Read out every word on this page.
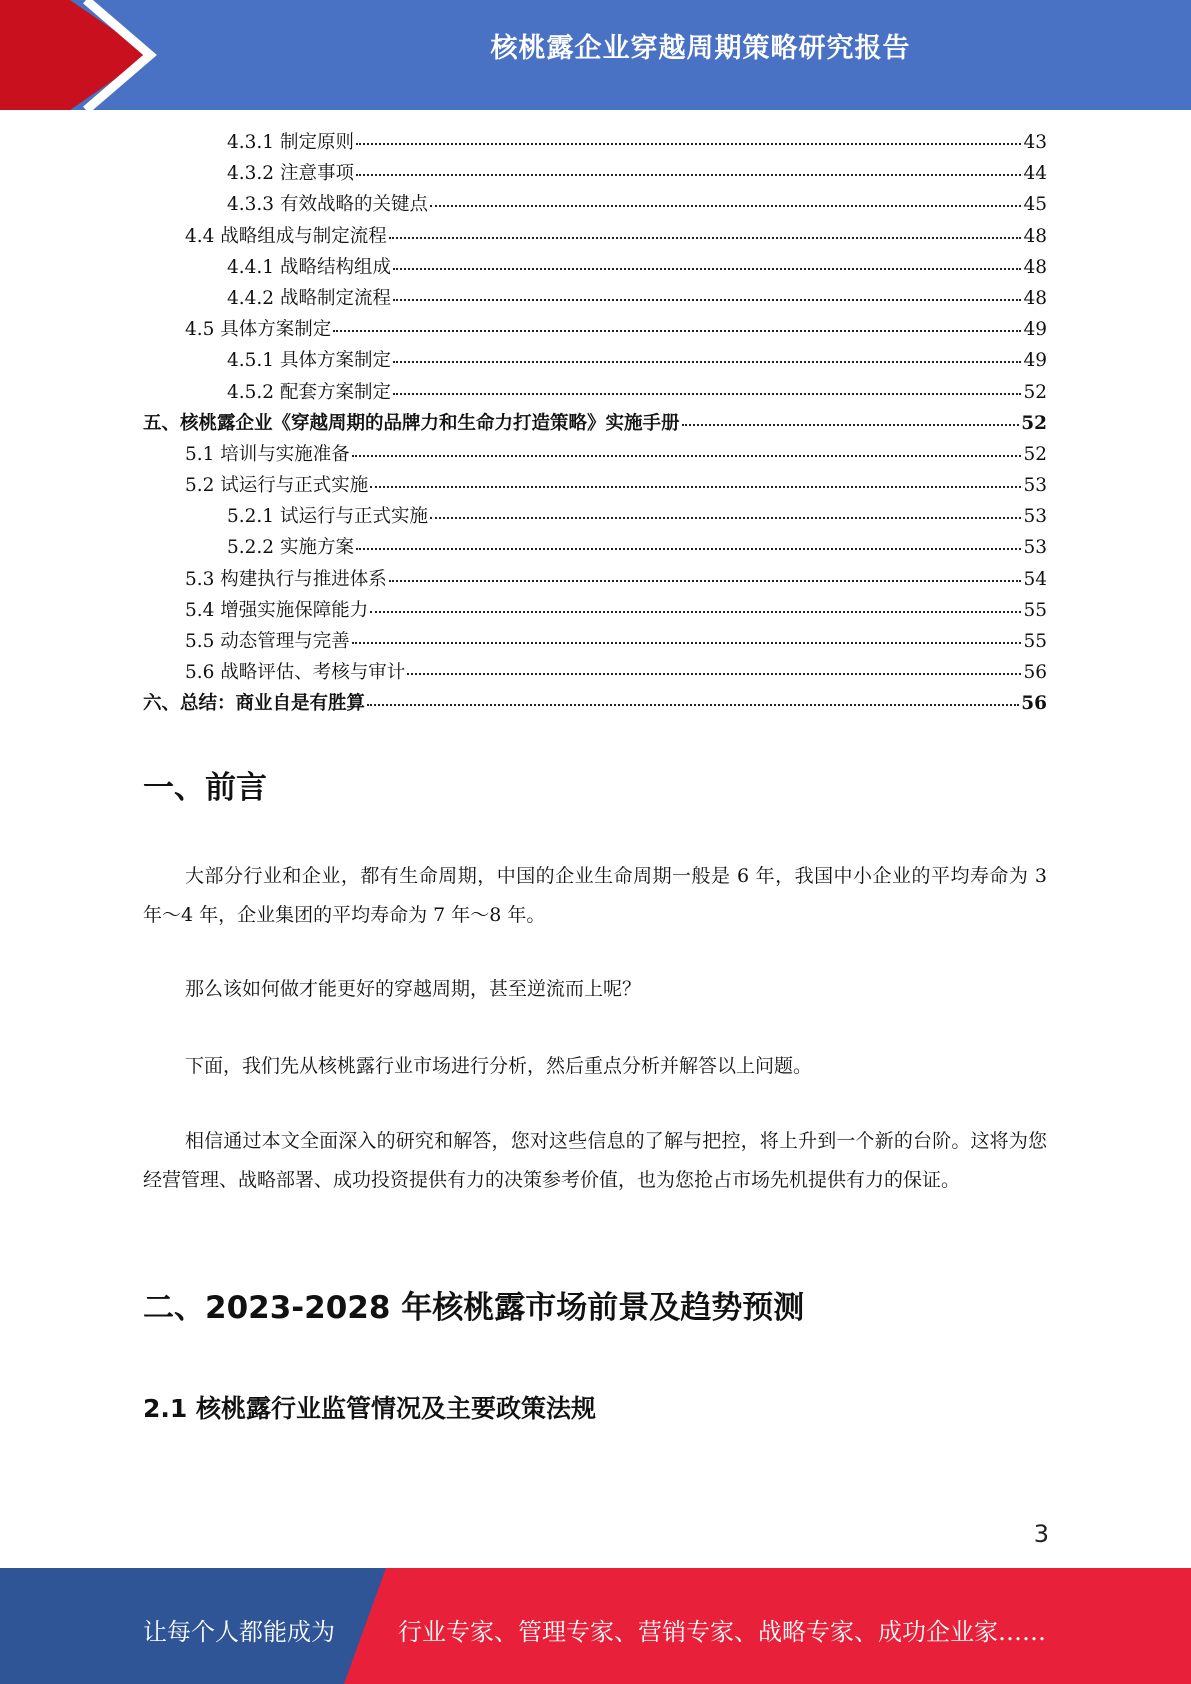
核桃露企业穿越周期策略研究报告
4.3.1 制定原则	43
4.3.2 注意事项	44
4.3.3 有效战略的关键点	45
4.4 战略组成与制定流程	48
4.4.1 战略结构组成	48
4.4.2 战略制定流程	48
4.5 具体方案制定	49
4.5.1 具体方案制定	49
4.5.2 配套方案制定	52
五、核桃露企业《穿越周期的品牌力和生命力打造策略》实施手册	52
5.1 培训与实施准备	52
5.2 试运行与正式实施	53
5.2.1 试运行与正式实施	53
5.2.2 实施方案	53
5.3 构建执行与推进体系	54
5.4 增强实施保障能力	55
5.5 动态管理与完善	55
5.6 战略评估、考核与审计	56
六、总结：商业自是有胜算	56
一、前言
大部分行业和企业，都有生命周期，中国的企业生命周期一般是 6 年，我国中小企业的平均寿命为 3 年～4 年，企业集团的平均寿命为 7 年～8 年。
那么该如何做才能更好的穿越周期，甚至逆流而上呢？
下面，我们先从核桃露行业市场进行分析，然后重点分析并解答以上问题。
相信通过本文全面深入的研究和解答，您对这些信息的了解与把控，将上升到一个新的台阶。这将为您经营管理、战略部署、成功投资提供有力的决策参考价值，也为您抢占市场先机提供有力的保证。
二、2023-2028 年核桃露市场前景及趋势预测
2.1 核桃露行业监管情况及主要政策法规
3
让每个人都能成为	行业专家、管理专家、营销专家、战略专家、成功企业家……
